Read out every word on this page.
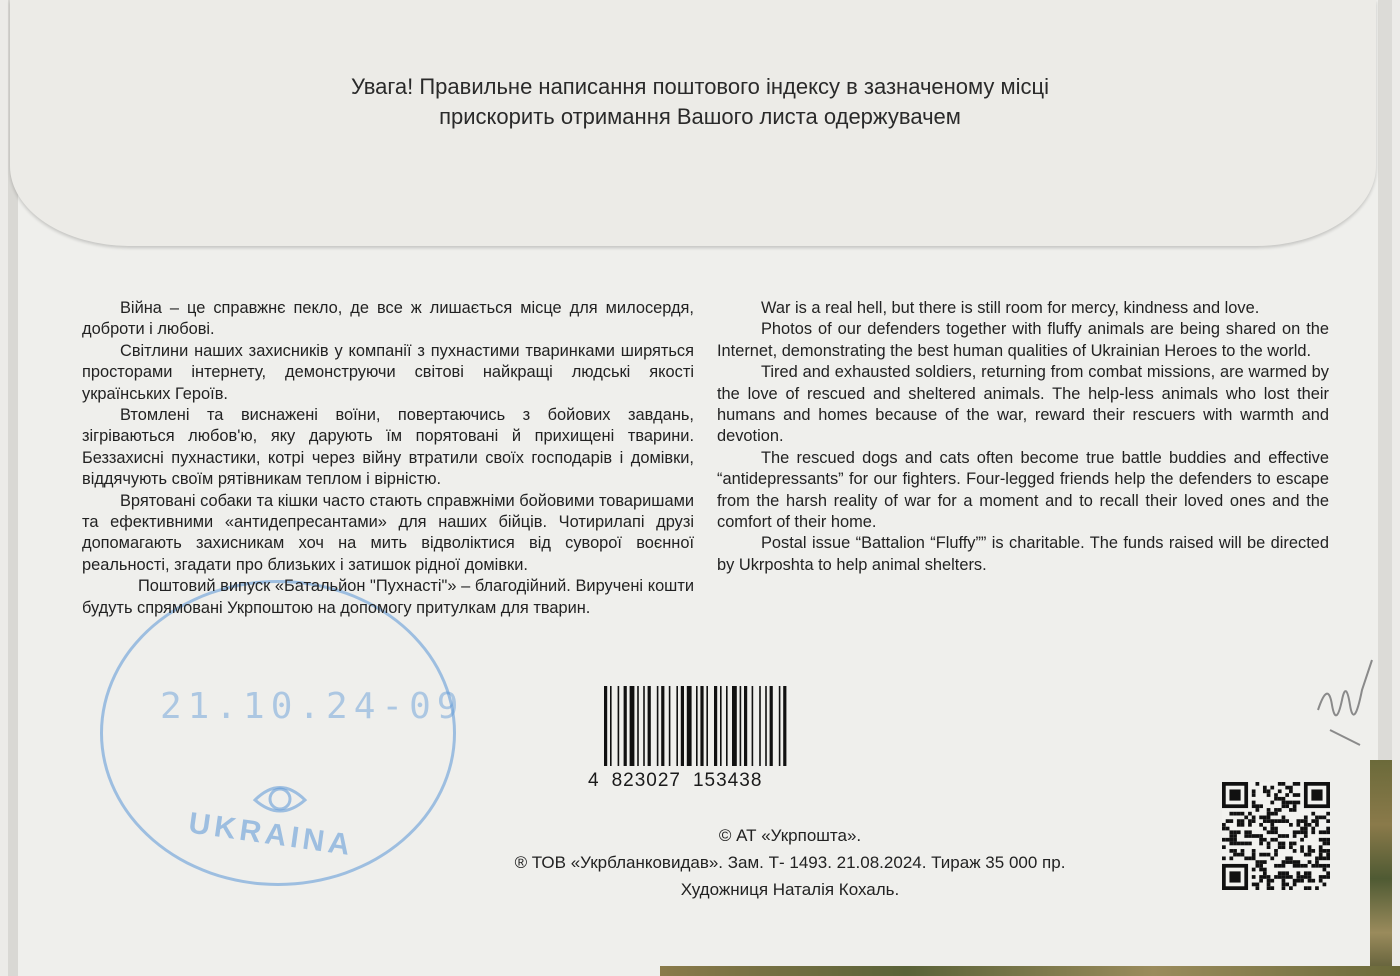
Увага! Правильне написання поштового індексу в зазначеному місці
прискорить отримання Вашого листа одержувачем
21.10.24-09
UKRAINA

Війна – це справжнє пекло, де все ж лишається місце для милосердя, доброти і любові.

Світлини наших захисників у компанії з пухнастими тваринками ширяться просторами інтернету, демонструючи світові найкращі людські якості українських Героїв.

Втомлені та виснажені воїни, повертаючись з бойових завдань, зігріваються любов'ю, яку дарують їм порятовані й прихищені тварини. Беззахисні пухнастики, котрі через війну втратили своїх господарів і домівки, віддячують своїм рятівникам теплом і вірністю.

Врятовані собаки та кішки часто стають справжніми бойовими товаришами та ефективними «антидепресантами» для наших бійців. Чотирилапі друзі допомагають захисникам хоч на мить відволіктися від суворої воєнної реальності, згадати про близьких і затишок рідної домівки.

Поштовий випуск «Батальйон "Пухнасті"» – благодійний. Виручені кошти будуть спрямовані Укрпоштою на допомогу притулкам для тварин.

War is a real hell, but there is still room for mercy, kindness and love.

Photos of our defenders together with fluffy animals are being shared on the Internet, demonstrating the best human qualities of Ukrainian Heroes to the world.

Tired and exhausted soldiers, returning from combat missions, are warmed by the love of rescued and sheltered animals. The help-less animals who lost their humans and homes because of the war, reward their rescuers with warmth and devotion.

The rescued dogs and cats often become true battle buddies and effective “antidepressants” for our fighters. Four-legged friends help the defenders to escape from the harsh reality of war for a moment and to recall their loved ones and the comfort of their home.

Postal issue “Battalion “Fluffy”” is charitable. The funds raised will be directed by Ukrposhta to help animal shelters.

4 823027 153438
© АТ «Укрпошта».
® ТОВ «Укрбланковидав». Зам. Т- 1493. 21.08.2024. Тираж 35 000 пр.
Художниця Наталія Кохаль.
